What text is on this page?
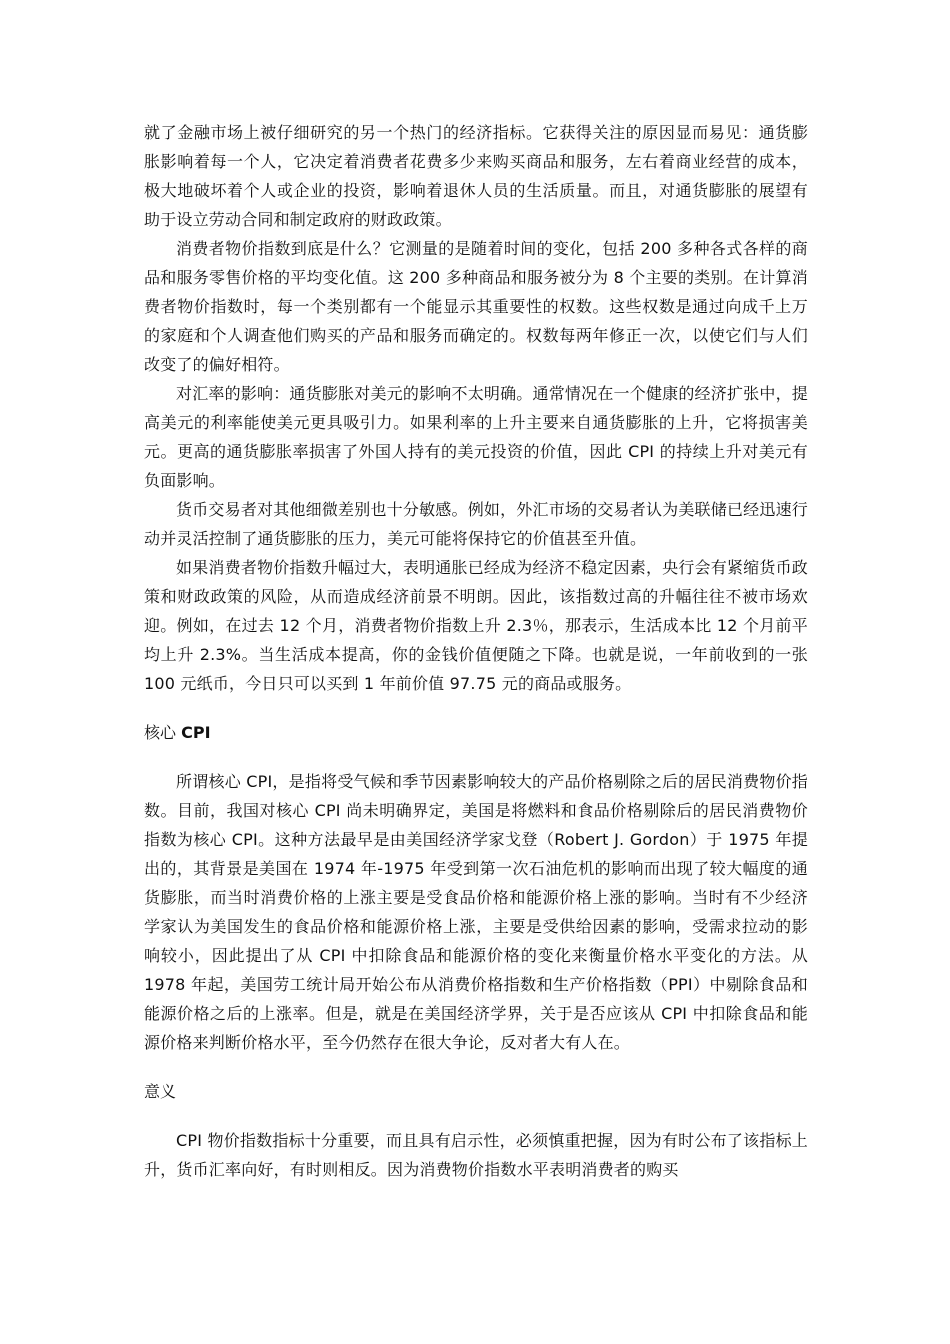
就了金融市场上被仔细研究的另一个热门的经济指标。它获得关注的原因显而易见：通货膨胀影响着每一个人，它决定着消费者花费多少来购买商品和服务，左右着商业经营的成本，极大地破坏着个人或企业的投资，影响着退休人员的生活质量。而且，对通货膨胀的展望有助于设立劳动合同和制定政府的财政政策。

消费者物价指数到底是什么？它测量的是随着时间的变化，包括 200 多种各式各样的商品和服务零售价格的平均变化值。这 200 多种商品和服务被分为 8 个主要的类别。在计算消费者物价指数时，每一个类别都有一个能显示其重要性的权数。这些权数是通过向成千上万的家庭和个人调查他们购买的产品和服务而确定的。权数每两年修正一次，以使它们与人们改变了的偏好相符。

对汇率的影响：通货膨胀对美元的影响不太明确。通常情况在一个健康的经济扩张中，提高美元的利率能使美元更具吸引力。如果利率的上升主要来自通货膨胀的上升，它将损害美元。更高的通货膨胀率损害了外国人持有的美元投资的价值，因此 CPI 的持续上升对美元有负面影响。

货币交易者对其他细微差别也十分敏感。例如，外汇市场的交易者认为美联储已经迅速行动并灵活控制了通货膨胀的压力，美元可能将保持它的价值甚至升值。

如果消费者物价指数升幅过大，表明通胀已经成为经济不稳定因素，央行会有紧缩货币政策和财政政策的风险，从而造成经济前景不明朗。因此，该指数过高的升幅往往不被市场欢迎。例如，在过去 12 个月，消费者物价指数上升 2.3％，那表示，生活成本比 12 个月前平均上升 2.3%。当生活成本提高，你的金钱价值便随之下降。也就是说，一年前收到的一张 100 元纸币，今日只可以买到 1 年前价值 97.75 元的商品或服务。

核心 CPI

所谓核心 CPI，是指将受气候和季节因素影响较大的产品价格剔除之后的居民消费物价指数。目前，我国对核心 CPI 尚未明确界定，美国是将燃料和食品价格剔除后的居民消费物价指数为核心 CPI。这种方法最早是由美国经济学家戈登（Robert J. Gordon）于 1975 年提出的，其背景是美国在 1974 年-1975 年受到第一次石油危机的影响而出现了较大幅度的通货膨胀，而当时消费价格的上涨主要是受食品价格和能源价格上涨的影响。当时有不少经济学家认为美国发生的食品价格和能源价格上涨，主要是受供给因素的影响，受需求拉动的影响较小，因此提出了从 CPI 中扣除食品和能源价格的变化来衡量价格水平变化的方法。从 1978 年起，美国劳工统计局开始公布从消费价格指数和生产价格指数（PPI）中剔除食品和能源价格之后的上涨率。但是，就是在美国经济学界，关于是否应该从 CPI 中扣除食品和能源价格来判断价格水平，至今仍然存在很大争论，反对者大有人在。

意义

CPI 物价指数指标十分重要，而且具有启示性，必须慎重把握，因为有时公布了该指标上升，货币汇率向好，有时则相反。因为消费物价指数水平表明消费者的购买
